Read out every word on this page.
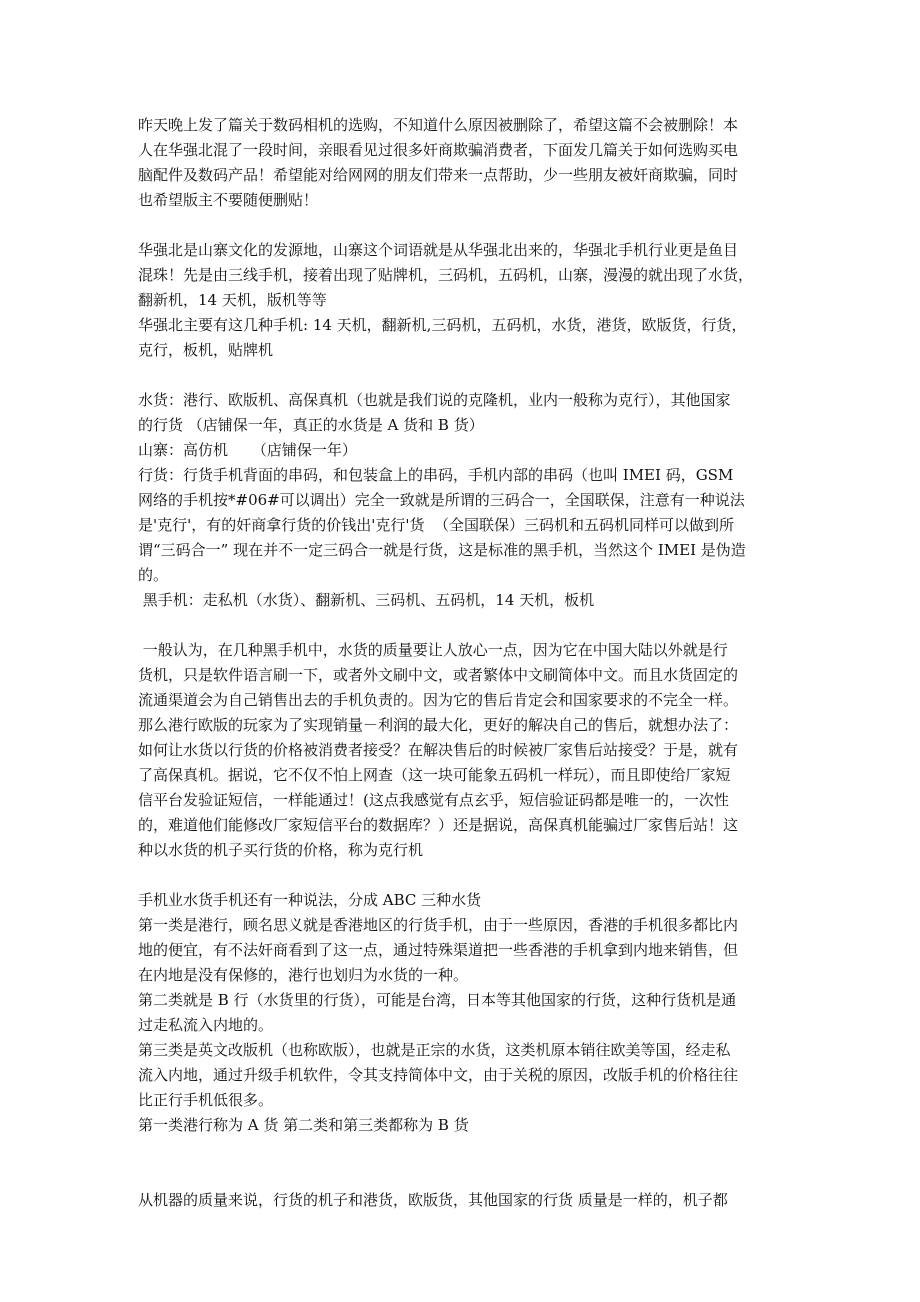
昨天晚上发了篇关于数码相机的选购，不知道什么原因被删除了，希望这篇不会被删除！本
人在华强北混了一段时间，亲眼看见过很多奸商欺骗消费者，下面发几篇关于如何选购买电
脑配件及数码产品！希望能对给网网的朋友们带来一点帮助，少一些朋友被奸商欺骗，同时
也希望版主不要随便删贴！
华强北是山寨文化的发源地，山寨这个词语就是从华强北出来的，华强北手机行业更是鱼目
混珠！先是由三线手机，接着出现了贴牌机，三码机，五码机，山寨，漫漫的就出现了水货，
翻新机，14 天机，版机等等
华强北主要有这几种手机: 14 天机，翻新机,三码机，五码机，水货，港货，欧版货，行货，
克行，板机，贴牌机
水货：港行、欧版机、高保真机（也就是我们说的克隆机，业内一般称为克行），其他国家
的行货 （店铺保一年，真正的水货是 A 货和 B 货）
山寨：高仿机     （店铺保一年）
行货：行货手机背面的串码，和包装盒上的串码，手机内部的串码（也叫 IMEI 码，GSM
网络的手机按*#06#可以调出）完全一致就是所谓的三码合一，全国联保，注意有一种说法
是'克行'，有的奸商拿行货的价钱出'克行'货  （全国联保）三码机和五码机同样可以做到所
谓“三码合一” 现在并不一定三码合一就是行货，这是标准的黑手机，当然这个 IMEI 是伪造
的。
黑手机：走私机（水货）、翻新机、三码机、五码机，14 天机，板机
一般认为，在几种黑手机中，水货的质量要让人放心一点，因为它在中国大陆以外就是行
货机，只是软件语言刷一下，或者外文刷中文，或者繁体中文刷简体中文。而且水货固定的
流通渠道会为自己销售出去的手机负责的。因为它的售后肯定会和国家要求的不完全一样。
那么港行欧版的玩家为了实现销量－利润的最大化，更好的解决自己的售后，就想办法了：
如何让水货以行货的价格被消费者接受？在解决售后的时候被厂家售后站接受？于是，就有
了高保真机。据说，它不仅不怕上网查（这一块可能象五码机一样玩），而且即使给厂家短
信平台发验证短信，一样能通过！(这点我感觉有点玄乎，短信验证码都是唯一的，一次性
的，难道他们能修改厂家短信平台的数据库？）还是据说，高保真机能骗过厂家售后站！这
种以水货的机子买行货的价格，称为克行机
手机业水货手机还有一种说法，分成 ABC 三种水货
第一类是港行，顾名思义就是香港地区的行货手机，由于一些原因，香港的手机很多都比内
地的便宜，有不法奸商看到了这一点，通过特殊渠道把一些香港的手机拿到内地来销售，但
在内地是没有保修的，港行也划归为水货的一种。
第二类就是 B 行（水货里的行货），可能是台湾，日本等其他国家的行货，这种行货机是通
过走私流入内地的。
第三类是英文改版机（也称欧版），也就是正宗的水货，这类机原本销往欧美等国，经走私
流入内地，通过升级手机软件，令其支持简体中文，由于关税的原因，改版手机的价格往往
比正行手机低很多。
第一类港行称为 A 货 第二类和第三类都称为 B 货
从机器的质量来说，行货的机子和港货，欧版货，其他国家的行货 质量是一样的，机子都
